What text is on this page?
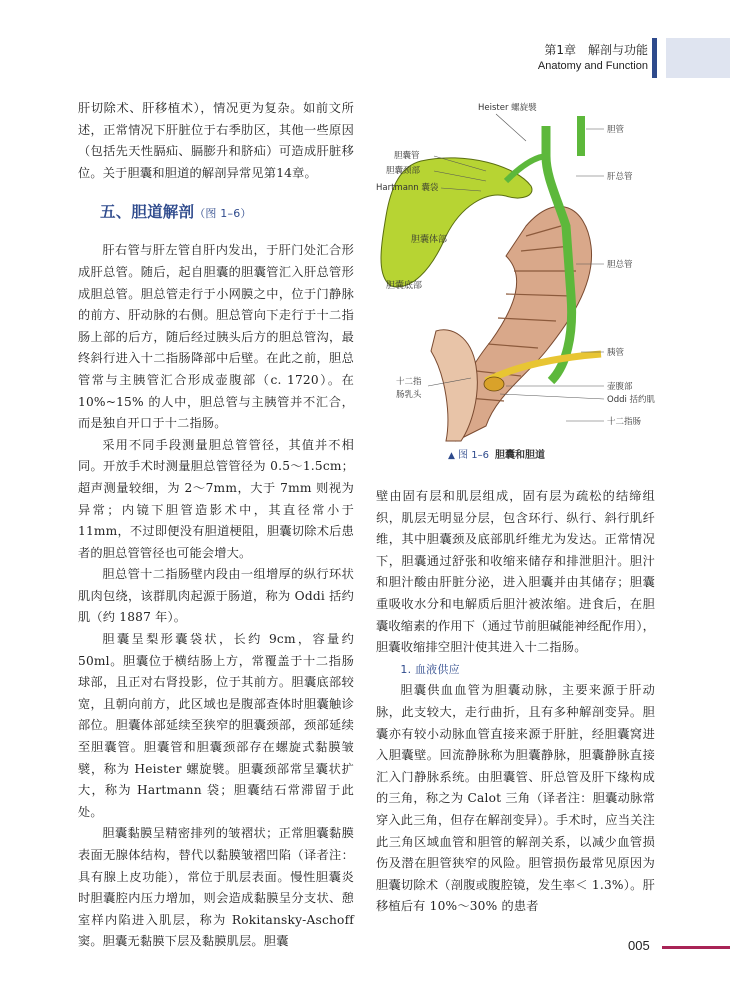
第1章　解剖与功能
Anatomy and Function

肝切除术、肝移植术），情况更为复杂。如前文所述，正常情况下肝脏位于右季肋区，其他一些原因（包括先天性膈疝、膈膨升和脐疝）可造成肝脏移位。关于胆囊和胆道的解剖异常见第14章。

五、胆道解剖（图 1–6）

肝右管与肝左管自肝内发出，于肝门处汇合形成肝总管。随后，起自胆囊的胆囊管汇入肝总管形成胆总管。胆总管走行于小网膜之中，位于门静脉的前方、肝动脉的右侧。胆总管向下走行于十二指肠上部的后方，随后经过胰头后方的胆总管沟，最终斜行进入十二指肠降部中后壁。在此之前，胆总管常与主胰管汇合形成壶腹部（c. 1720）。在 10%~15% 的人中，胆总管与主胰管并不汇合，而是独自开口于十二指肠。

采用不同手段测量胆总管管径，其值并不相同。开放手术时测量胆总管管径为 0.5～1.5cm；超声测量较细，为 2～7mm，大于 7mm 则视为异常；内镜下胆管造影术中，其直径常小于 11mm，不过即便没有胆道梗阻，胆囊切除术后患者的胆总管管径也可能会增大。

胆总管十二指肠壁内段由一组增厚的纵行环状肌肉包绕，该群肌肉起源于肠道，称为 Oddi 括约肌（约 1887 年）。

胆囊呈梨形囊袋状，长约 9cm，容量约 50ml。胆囊位于横结肠上方，常覆盖于十二指肠球部，且正对右肾投影，位于其前方。胆囊底部较宽，且朝向前方，此区域也是腹部查体时胆囊触诊部位。胆囊体部延续至狭窄的胆囊颈部，颈部延续至胆囊管。胆囊管和胆囊颈部存在螺旋式黏膜皱襞，称为 Heister 螺旋襞。胆囊颈部常呈囊状扩大，称为 Hartmann 袋；胆囊结石常滞留于此处。

胆囊黏膜呈精密排列的皱褶状；正常胆囊黏膜表面无腺体结构，替代以黏膜皱褶凹陷（译者注：具有腺上皮功能），常位于肌层表面。慢性胆囊炎时胆囊腔内压力增加，则会造成黏膜呈分支状、憩室样内陷进入肌层，称为 Rokitansky-Aschoff 窦。胆囊无黏膜下层及黏膜肌层。胆囊

Heister 螺旋襞
胆囊管
胆囊颈部
Hartmann 囊袋
胆囊体部
胆囊底部
十二指
肠乳头
胆管
肝总管
胆总管
胰管
壶腹部
Oddi 括约肌
十二指肠
▲ 图 1–6 胆囊和胆道

壁由固有层和肌层组成，固有层为疏松的结缔组织，肌层无明显分层，包含环行、纵行、斜行肌纤维，其中胆囊颈及底部肌纤维尤为发达。正常情况下，胆囊通过舒张和收缩来储存和排泄胆汁。胆汁和胆汁酸由肝脏分泌，进入胆囊并由其储存；胆囊重吸收水分和电解质后胆汁被浓缩。进食后，在胆囊收缩素的作用下（通过节前胆碱能神经配作用），胆囊收缩排空胆汁使其进入十二指肠。

1. 血液供应

胆囊供血血管为胆囊动脉，主要来源于肝动脉，此支较大，走行曲折，且有多种解剖变异。胆囊亦有较小动脉血管直接来源于肝脏，经胆囊窝进入胆囊壁。回流静脉称为胆囊静脉，胆囊静脉直接汇入门静脉系统。由胆囊管、肝总管及肝下缘构成的三角，称之为 Calot 三角（译者注：胆囊动脉常穿入此三角，但存在解剖变异）。手术时，应当关注此三角区域血管和胆管的解剖关系，以减少血管损伤及潜在胆管狭窄的风险。胆管损伤最常见原因为胆囊切除术（剖腹或腹腔镜，发生率＜ 1.3%）。肝移植后有 10%～30% 的患者

005
